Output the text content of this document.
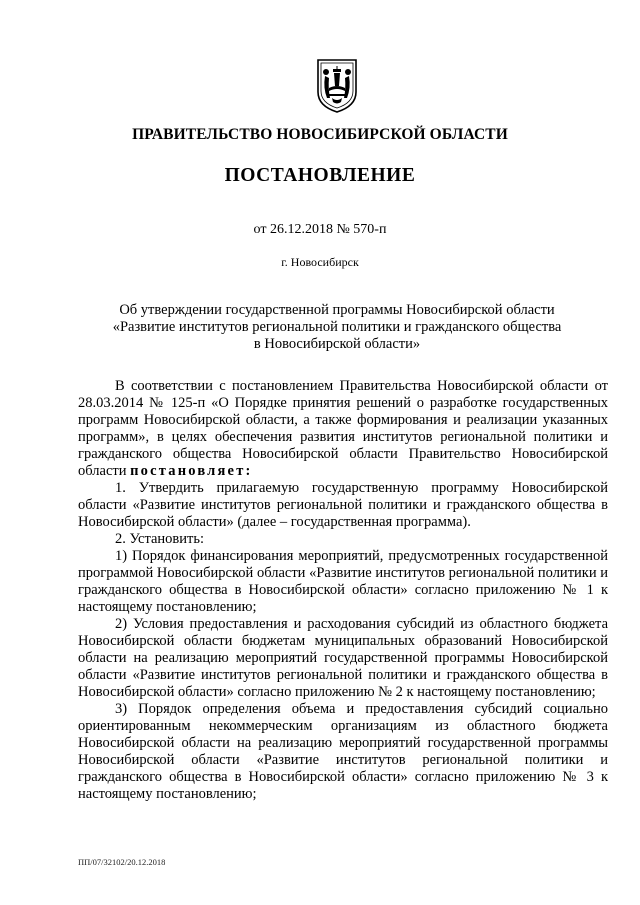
ПРАВИТЕЛЬСТВО НОВОСИБИРСКОЙ ОБЛАСТИ
ПОСТАНОВЛЕНИЕ
от 26.12.2018 № 570-п
г. Новосибирск
Об утверждении государственной программы Новосибирской области
«Развитие институтов региональной политики и гражданского общества
в Новосибирской области»

В соответствии с постановлением Правительства Новосибирской области от 28.03.2014 № 125-п «О Порядке принятия решений о разработке государственных программ Новосибирской области, а также формирования и реализации указанных программ», в целях обеспечения развития институтов региональной политики и гражданского общества Новосибирской области Правительство Новосибирской области постановляет:

1. Утвердить прилагаемую государственную программу Новосибирской области «Развитие институтов региональной политики и гражданского общества в Новосибирской области» (далее – государственная программа).

2. Установить:

1) Порядок финансирования мероприятий, предусмотренных государственной программой Новосибирской области «Развитие институтов региональной политики и гражданского общества в Новосибирской области» согласно приложению № 1 к настоящему постановлению;

2) Условия предоставления и расходования субсидий из областного бюджета Новосибирской области бюджетам муниципальных образований Новосибирской области на реализацию мероприятий государственной программы Новосибирской области «Развитие институтов региональной политики и гражданского общества в Новосибирской области» согласно приложению № 2 к настоящему постановлению;

3) Порядок определения объема и предоставления субсидий социально ориентированным некоммерческим организациям из областного бюджета Новосибирской области на реализацию мероприятий государственной программы Новосибирской области «Развитие институтов региональной политики и гражданского общества в Новосибирской области» согласно приложению № 3 к настоящему постановлению;

ПП/07/32102/20.12.2018
